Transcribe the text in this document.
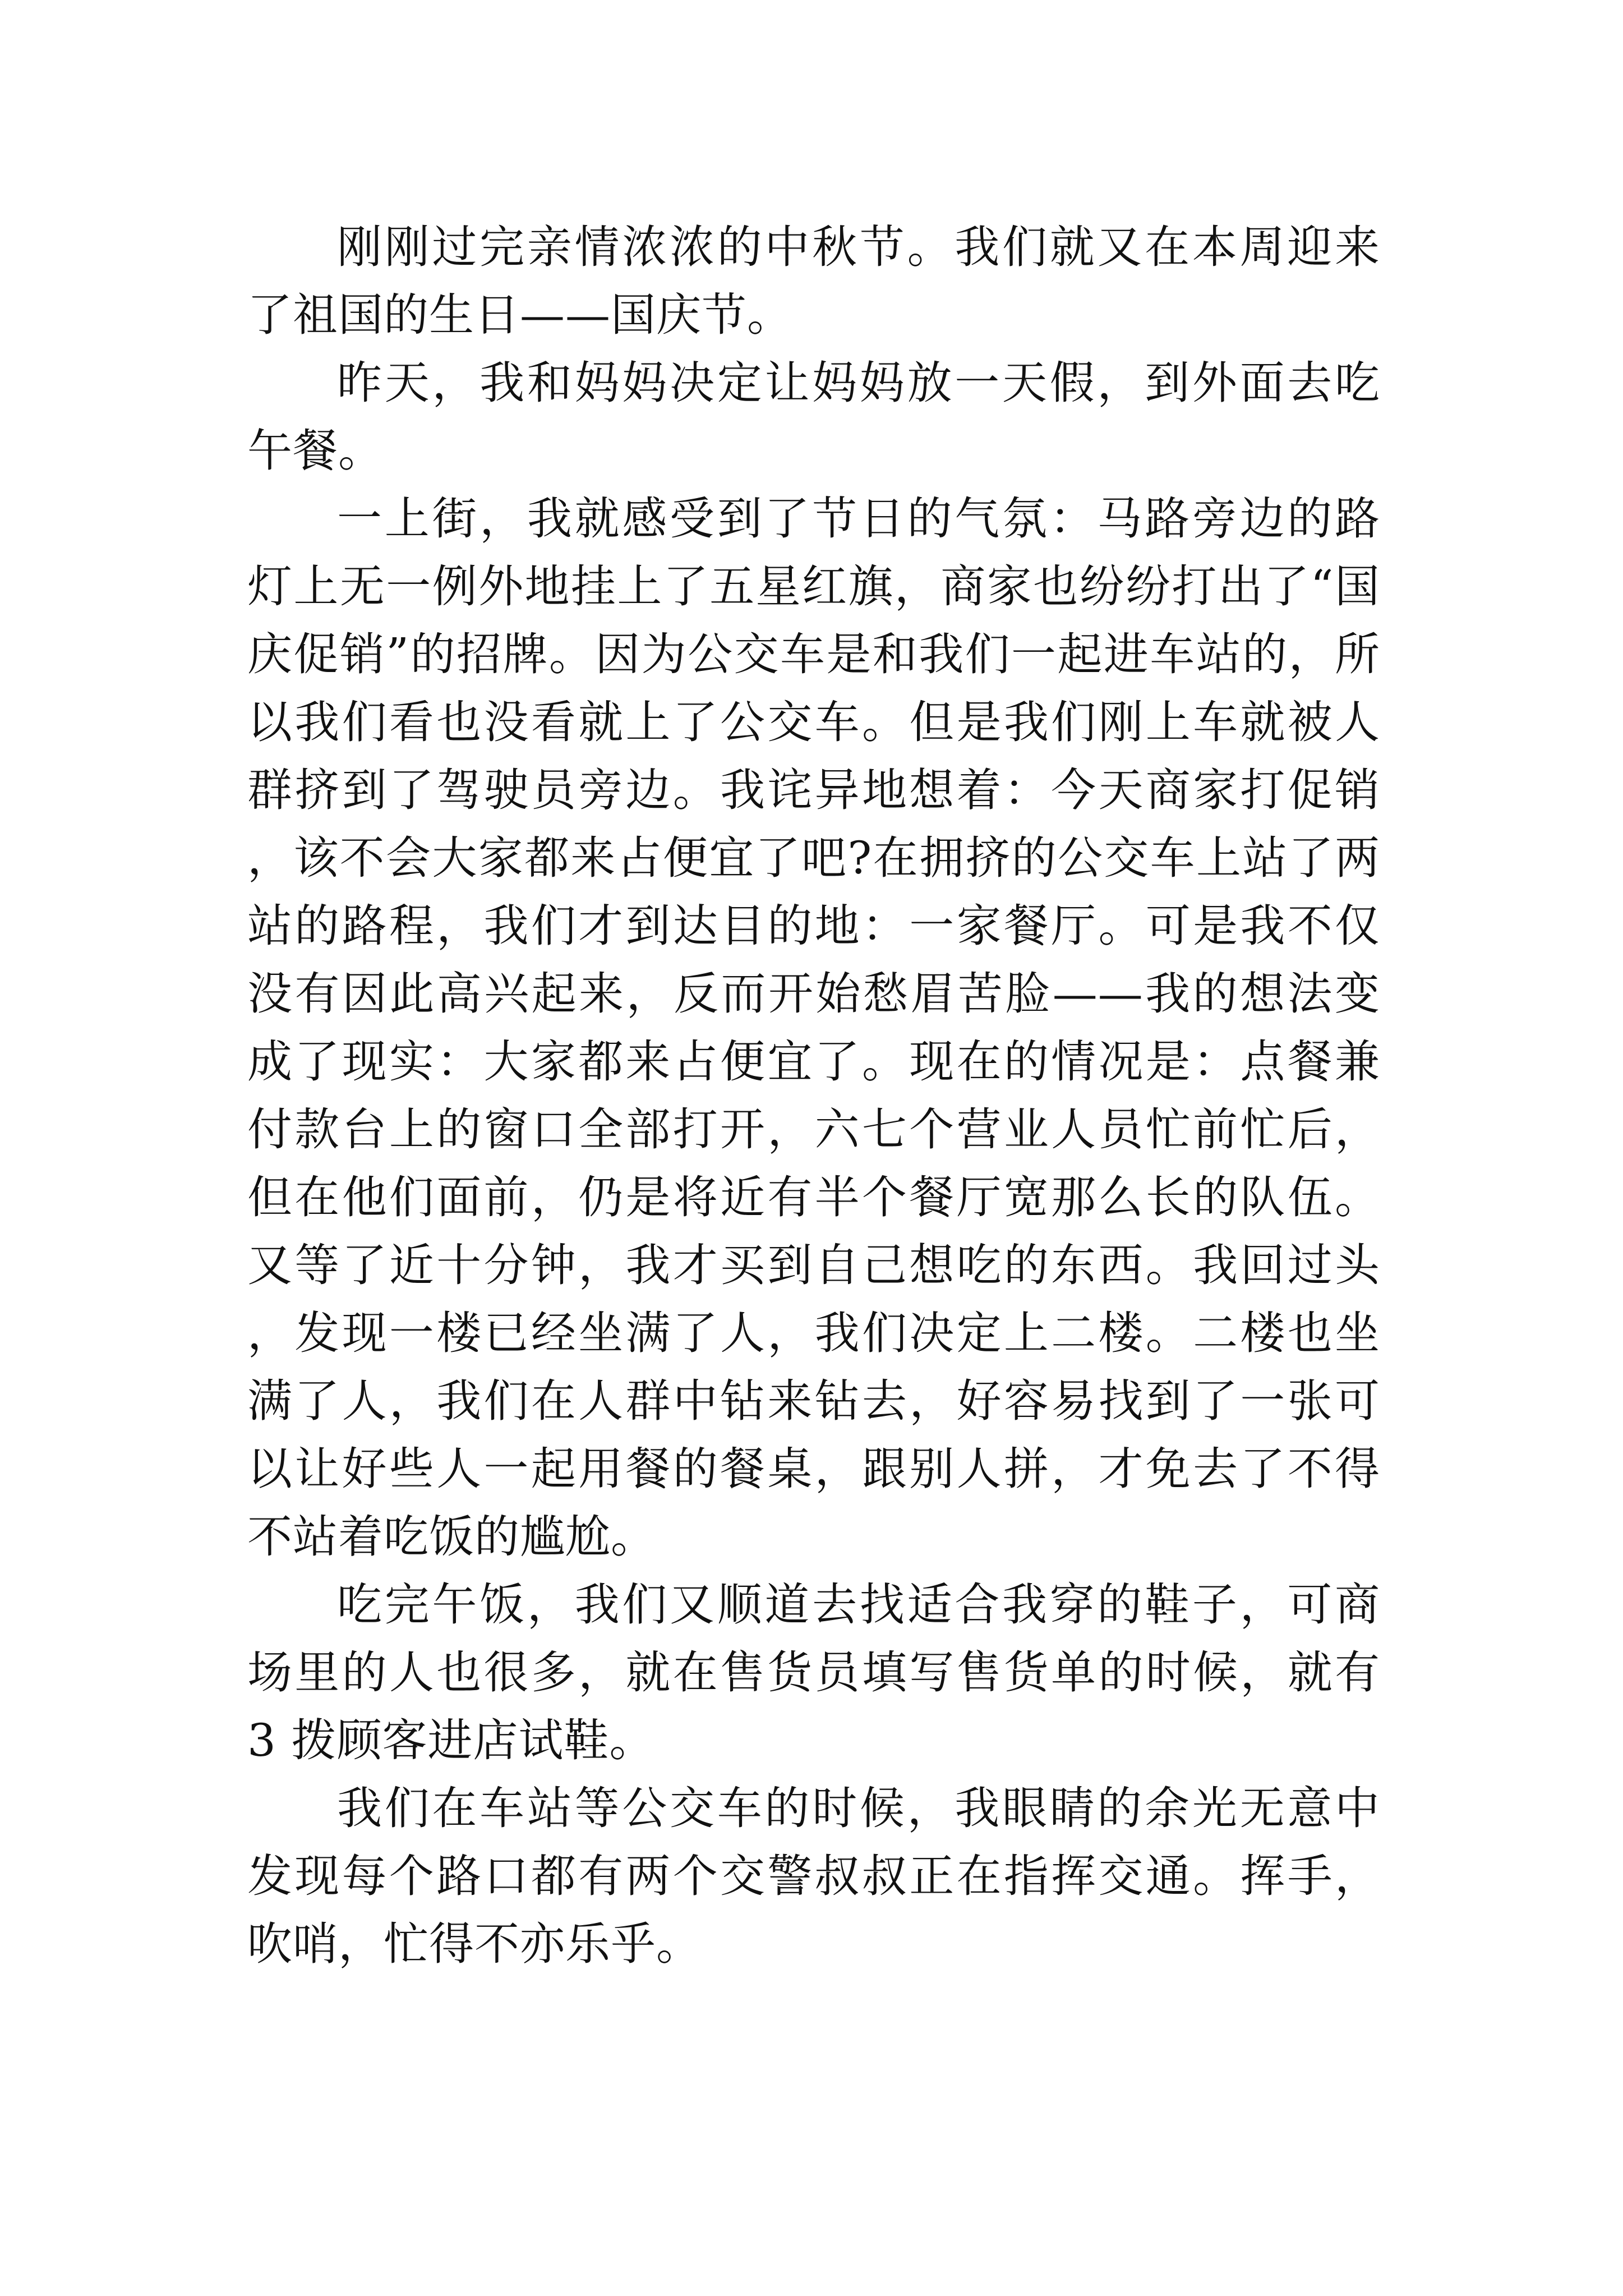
刚刚过完亲情浓浓的中秋节。我们就又在本周迎来了祖国的生日——国庆节。

昨天，我和妈妈决定让妈妈放一天假，到外面去吃午餐。

一上街，我就感受到了节日的气氛：马路旁边的路灯上无一例外地挂上了五星红旗，商家也纷纷打出了“国庆促销”的招牌。因为公交车是和我们一起进车站的，所以我们看也没看就上了公交车。但是我们刚上车就被人群挤到了驾驶员旁边。我诧异地想着：今天商家打促销，该不会大家都来占便宜了吧?在拥挤的公交车上站了两站的路程，我们才到达目的地：一家餐厅。可是我不仅没有因此高兴起来，反而开始愁眉苦脸——我的想法变成了现实：大家都来占便宜了。现在的情况是：点餐兼付款台上的窗口全部打开，六七个营业人员忙前忙后，但在他们面前，仍是将近有半个餐厅宽那么长的队伍。又等了近十分钟，我才买到自己想吃的东西。我回过头，发现一楼已经坐满了人，我们决定上二楼。二楼也坐满了人，我们在人群中钻来钻去，好容易找到了一张可以让好些人一起用餐的餐桌，跟别人拼，才免去了不得不站着吃饭的尴尬。

吃完午饭，我们又顺道去找适合我穿的鞋子，可商场里的人也很多，就在售货员填写售货单的时候，就有 3 拨顾客进店试鞋。

我们在车站等公交车的时候，我眼睛的余光无意中发现每个路口都有两个交警叔叔正在指挥交通。挥手，吹哨，忙得不亦乐乎。
